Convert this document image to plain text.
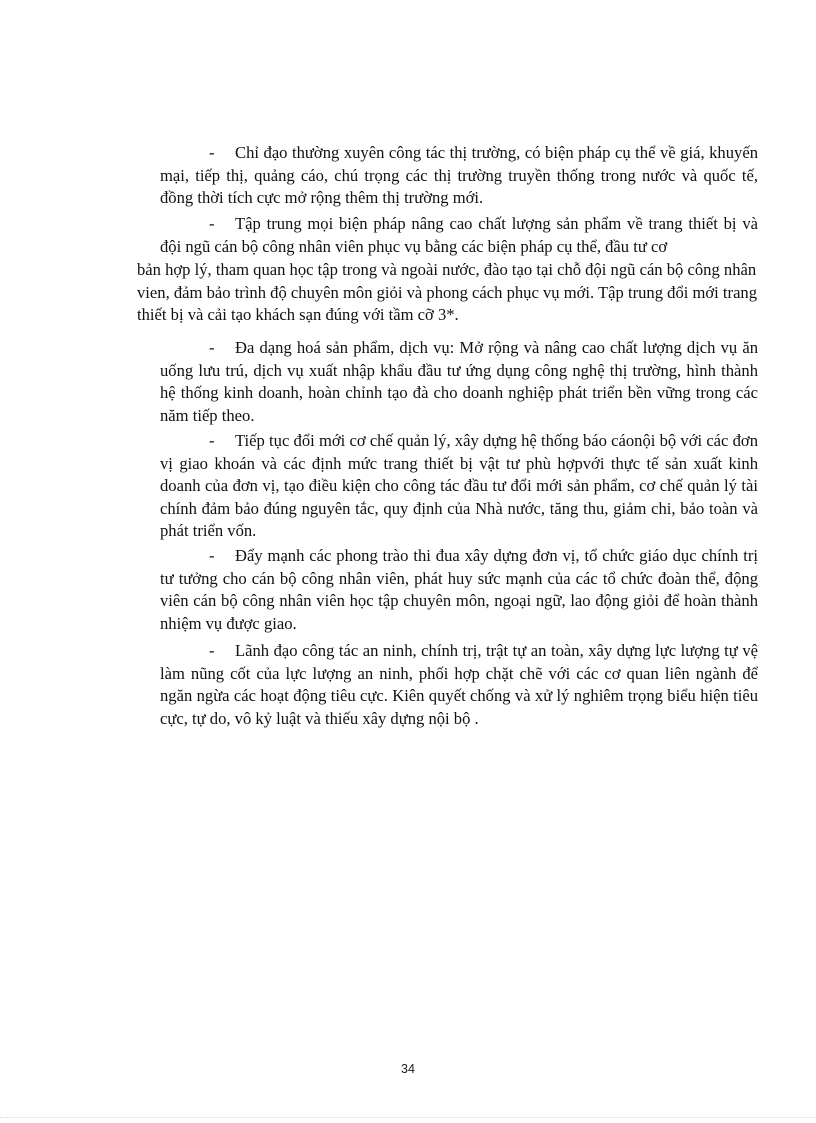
- Chỉ đạo thường xuyên công tác thị trường, có biện pháp cụ thể về giá, khuyến mại, tiếp thị, quảng cáo, chú trọng các thị trường truyền thống trong nước và quốc tế, đồng thời tích cực mở rộng thêm thị trường mới.

- Tập trung mọi biện pháp nâng cao chất lượng sản phẩm về trang thiết bị và đội ngũ cán bộ công nhân viên phục vụ bằng các biện pháp cụ thể, đầu tư cơ

bản hợp lý, tham quan học tập trong và ngoài nước, đào tạo tại chỗ đội ngũ cán bộ công nhân vien, đảm bảo trình độ chuyên môn giỏi và phong cách phục vụ mới. Tập trung đổi mới trang thiết bị và cải tạo khách sạn đúng với tầm cỡ 3*.

- Đa dạng hoá sản phẩm, dịch vụ: Mở rộng và nâng cao chất lượng dịch vụ ăn uống lưu trú, dịch vụ xuất nhập khẩu đầu tư ứng dụng công nghệ thị trường, hình thành hệ thống kinh doanh, hoàn chỉnh tạo đà cho doanh nghiệp phát triển bền vững trong các năm tiếp theo.

- Tiếp tục đổi mới cơ chế quản lý, xây dựng hệ thống báo cáonội bộ với các đơn vị giao khoán và các định mức trang thiết bị vật tư phù hợpvới thực tế sản xuất kinh doanh của đơn vị, tạo điều kiện cho công tác đầu tư đổi mới sản phẩm, cơ chế quản lý tài chính đảm bảo đúng nguyên tắc, quy định của Nhà nước, tăng thu, giảm chi, bảo toàn và phát triển vốn.

- Đẩy mạnh các phong trào thi đua xây dựng đơn vị, tổ chức giáo dục chính trị tư tưởng cho cán bộ công nhân viên, phát huy sức mạnh của các tổ chức đoàn thể, động viên cán bộ công nhân viên học tập chuyên môn, ngoại ngữ, lao động giỏi để hoàn thành nhiệm vụ được giao.

- Lãnh đạo công tác an ninh, chính trị, trật tự an toàn, xây dựng lực lượng tự vệ làm nũng cốt của lực lượng an ninh, phối hợp chặt chẽ với các cơ quan liên ngành để ngăn ngừa các hoạt động tiêu cực. Kiên quyết chống và xử lý nghiêm trọng biểu hiện tiêu cực, tự do, vô kỷ luật và thiếu xây dựng nội bộ .

34
